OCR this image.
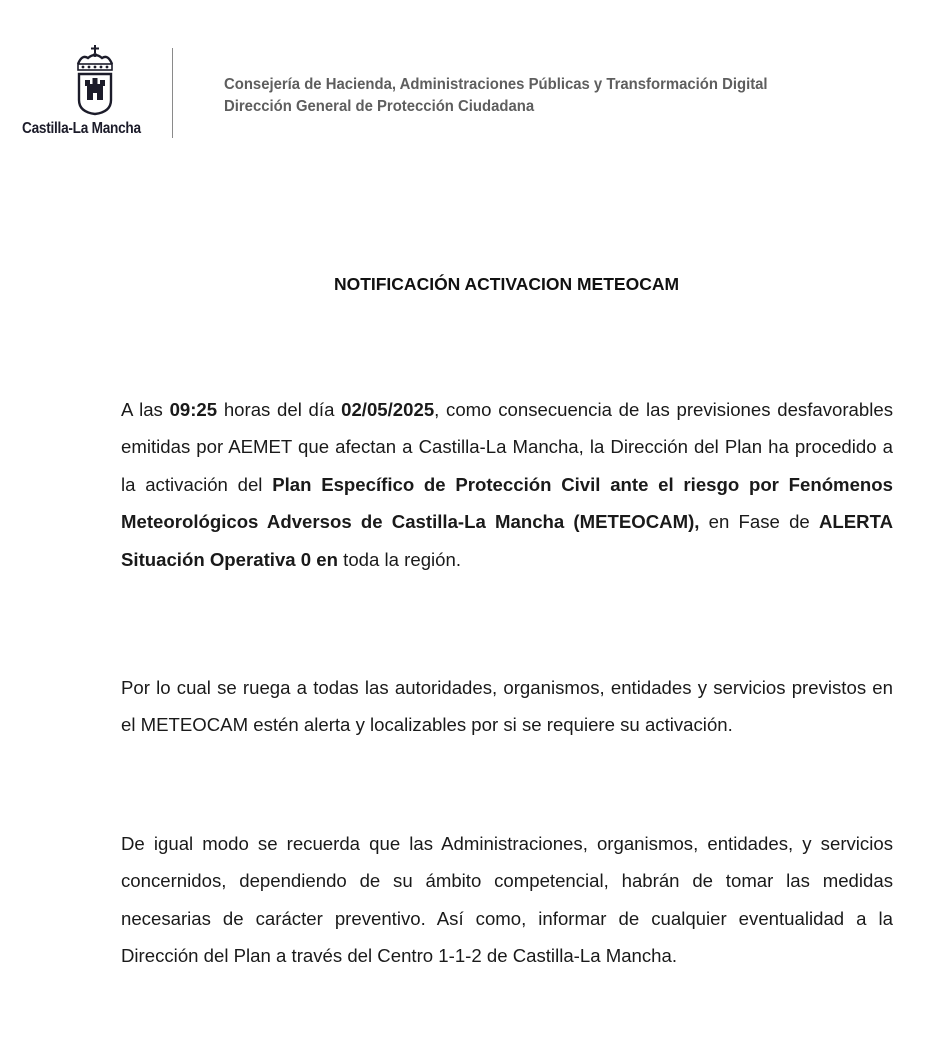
Castilla-La Mancha
Consejería de Hacienda, Administraciones Públicas y Transformación Digital
Dirección General de Protección Ciudadana
NOTIFICACIÓN ACTIVACION METEOCAM
A las 09:25 horas del día 02/05/2025, como consecuencia de las previsiones desfavorables emitidas por AEMET que afectan a Castilla-La Mancha, la Dirección del Plan ha procedido a la activación del Plan Específico de Protección Civil ante el riesgo por Fenómenos Meteorológicos Adversos de Castilla-La Mancha (METEOCAM), en Fase de ALERTA Situación Operativa 0 en toda la región.
Por lo cual se ruega a todas las autoridades, organismos, entidades y servicios previstos en el METEOCAM estén alerta y localizables por si se requiere su activación.
De igual modo se recuerda que las Administraciones, organismos, entidades, y servicios concernidos, dependiendo de su ámbito competencial, habrán de tomar las medidas necesarias de carácter preventivo. Así como, informar de cualquier eventualidad a la Dirección del Plan a través del Centro 1-1-2 de Castilla-La Mancha.
